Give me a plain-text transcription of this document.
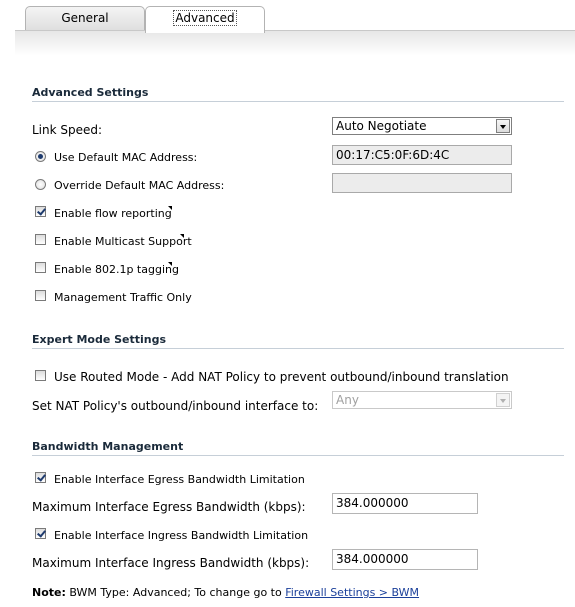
General	Advanced
Advanced Settings
Link Speed:	Auto Negotiate
Use Default MAC Address:	00:17:C5:0F:6D:4C
Override Default MAC Address:
Enable flow reporting
Enable Multicast Support
Enable 802.1p tagging
Management Traffic Only
Expert Mode Settings
Use Routed Mode - Add NAT Policy to prevent outbound/inbound translation
Set NAT Policy's outbound/inbound interface to:	Any
Bandwidth Management
Enable Interface Egress Bandwidth Limitation
Maximum Interface Egress Bandwidth (kbps):	384.000000
Enable Interface Ingress Bandwidth Limitation
Maximum Interface Ingress Bandwidth (kbps):	384.000000
Note: BWM Type: Advanced; To change go to Firewall Settings > BWM
